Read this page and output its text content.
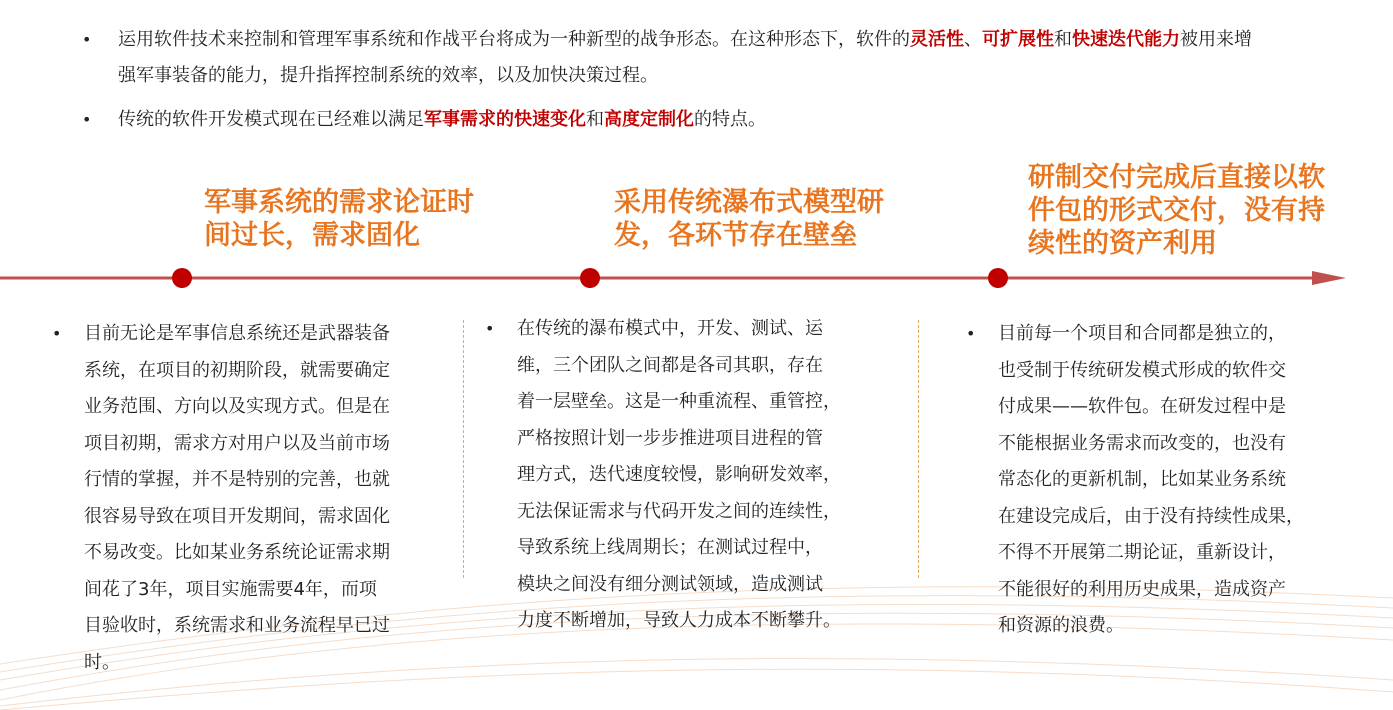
• 运用软件技术来控制和管理军事系统和作战平台将成为一种新型的战争形态。在这种形态下，软件的灵活性、可扩展性和快速迭代能力被用来增强军事装备的能力，提升指挥控制系统的效率，以及加快决策过程。
• 传统的软件开发模式现在已经难以满足军事需求的快速变化和高度定制化的特点。
军事系统的需求论证时
间过长，需求固化
采用传统瀑布式模型研
发，各环节存在壁垒
研制交付完成后直接以软
件包的形式交付，没有持
续性的资产利用
•	目前无论是军事信息系统还是武器装备
系统，在项目的初期阶段，就需要确定
业务范围、方向以及实现方式。但是在
项目初期，需求方对用户以及当前市场
行情的掌握，并不是特别的完善，也就
很容易导致在项目开发期间，需求固化
不易改变。比如某业务系统论证需求期
间花了3年，项目实施需要4年，而项
目验收时，系统需求和业务流程早已过
时。
•	在传统的瀑布模式中，开发、测试、运
维，三个团队之间都是各司其职，存在
着一层壁垒。这是一种重流程、重管控，
严格按照计划一步步推进项目进程的管
理方式，迭代速度较慢，影响研发效率，
无法保证需求与代码开发之间的连续性，
导致系统上线周期长；在测试过程中，
模块之间没有细分测试领域，造成测试
力度不断增加，导致人力成本不断攀升。
•	目前每一个项目和合同都是独立的，
也受制于传统研发模式形成的软件交
付成果——软件包。在研发过程中是
不能根据业务需求而改变的，也没有
常态化的更新机制，比如某业务系统
在建设完成后，由于没有持续性成果，
不得不开展第二期论证，重新设计，
不能很好的利用历史成果，造成资产
和资源的浪费。
